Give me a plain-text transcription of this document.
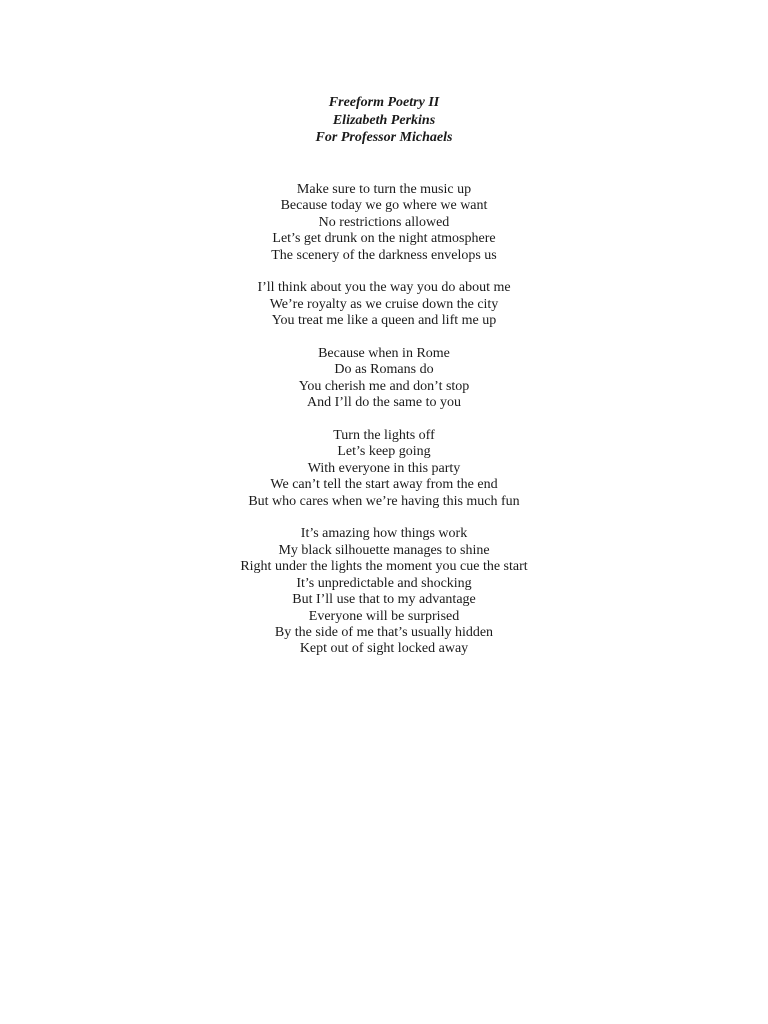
Freeform Poetry II
Elizabeth Perkins
For Professor Michaels
Make sure to turn the music up
Because today we go where we want
No restrictions allowed
Let’s get drunk on the night atmosphere
The scenery of the darkness envelops us
I’ll think about you the way you do about me
We’re royalty as we cruise down the city
You treat me like a queen and lift me up
Because when in Rome
Do as Romans do
You cherish me and don’t stop
And I’ll do the same to you
Turn the lights off
Let’s keep going
With everyone in this party
We can’t tell the start away from the end
But who cares when we’re having this much fun
It’s amazing how things work
My black silhouette manages to shine
Right under the lights the moment you cue the start
It’s unpredictable and shocking
But I’ll use that to my advantage
Everyone will be surprised
By the side of me that’s usually hidden
Kept out of sight locked away
